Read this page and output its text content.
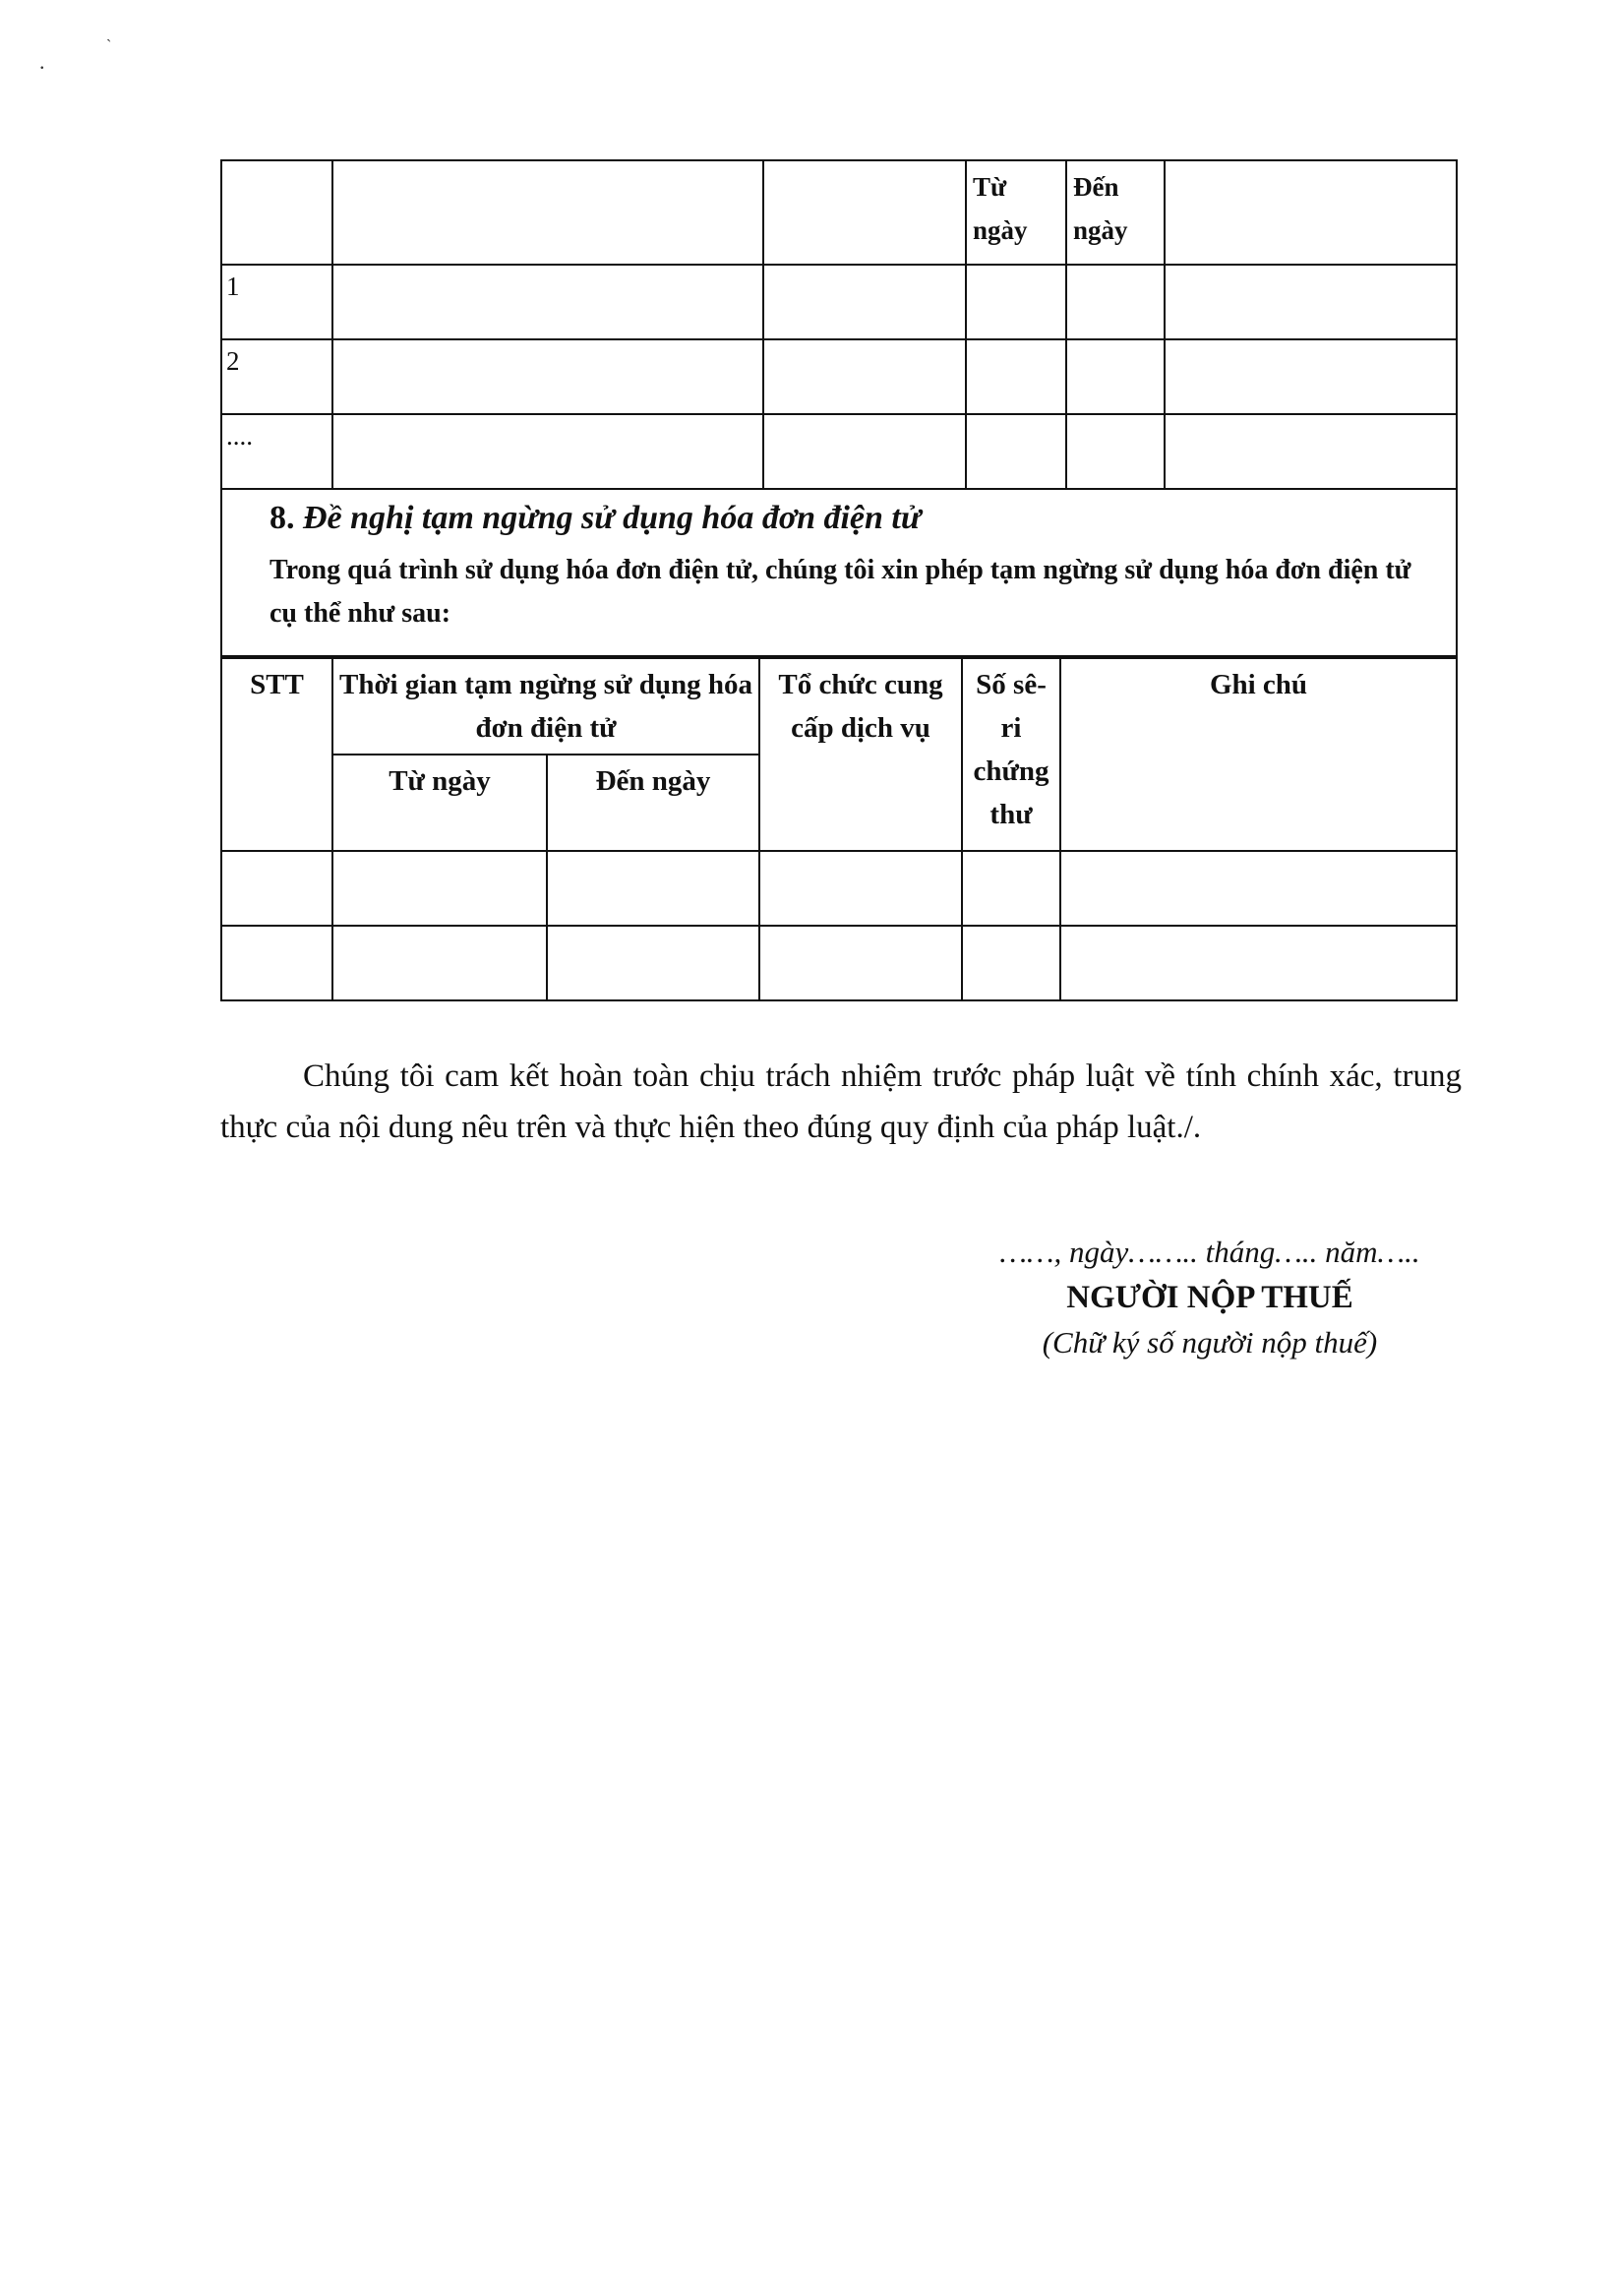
.
`

			Từ ngày	Đến ngày	

1					

2					

....					

8. Đề nghị tạm ngừng sử dụng hóa đơn điện tử

Trong quá trình sử dụng hóa đơn điện tử, chúng tôi xin phép tạm ngừng sử dụng hóa đơn điện tử cụ thể như sau:

STT	Thời gian tạm ngừng sử dụng hóa đơn điện tử		Tổ chức cung cấp dịch vụ	Số sê-ri chứng thư	Ghi chú
	Từ ngày	Đến ngày			

Chúng tôi cam kết hoàn toàn chịu trách nhiệm trước pháp luật về tính chính xác, trung thực của nội dung nêu trên và thực hiện theo đúng quy định của pháp luật./.

……, ngày…….. tháng….. năm…..

NGƯỜI NỘP THUẾ

(Chữ ký số người nộp thuế)
